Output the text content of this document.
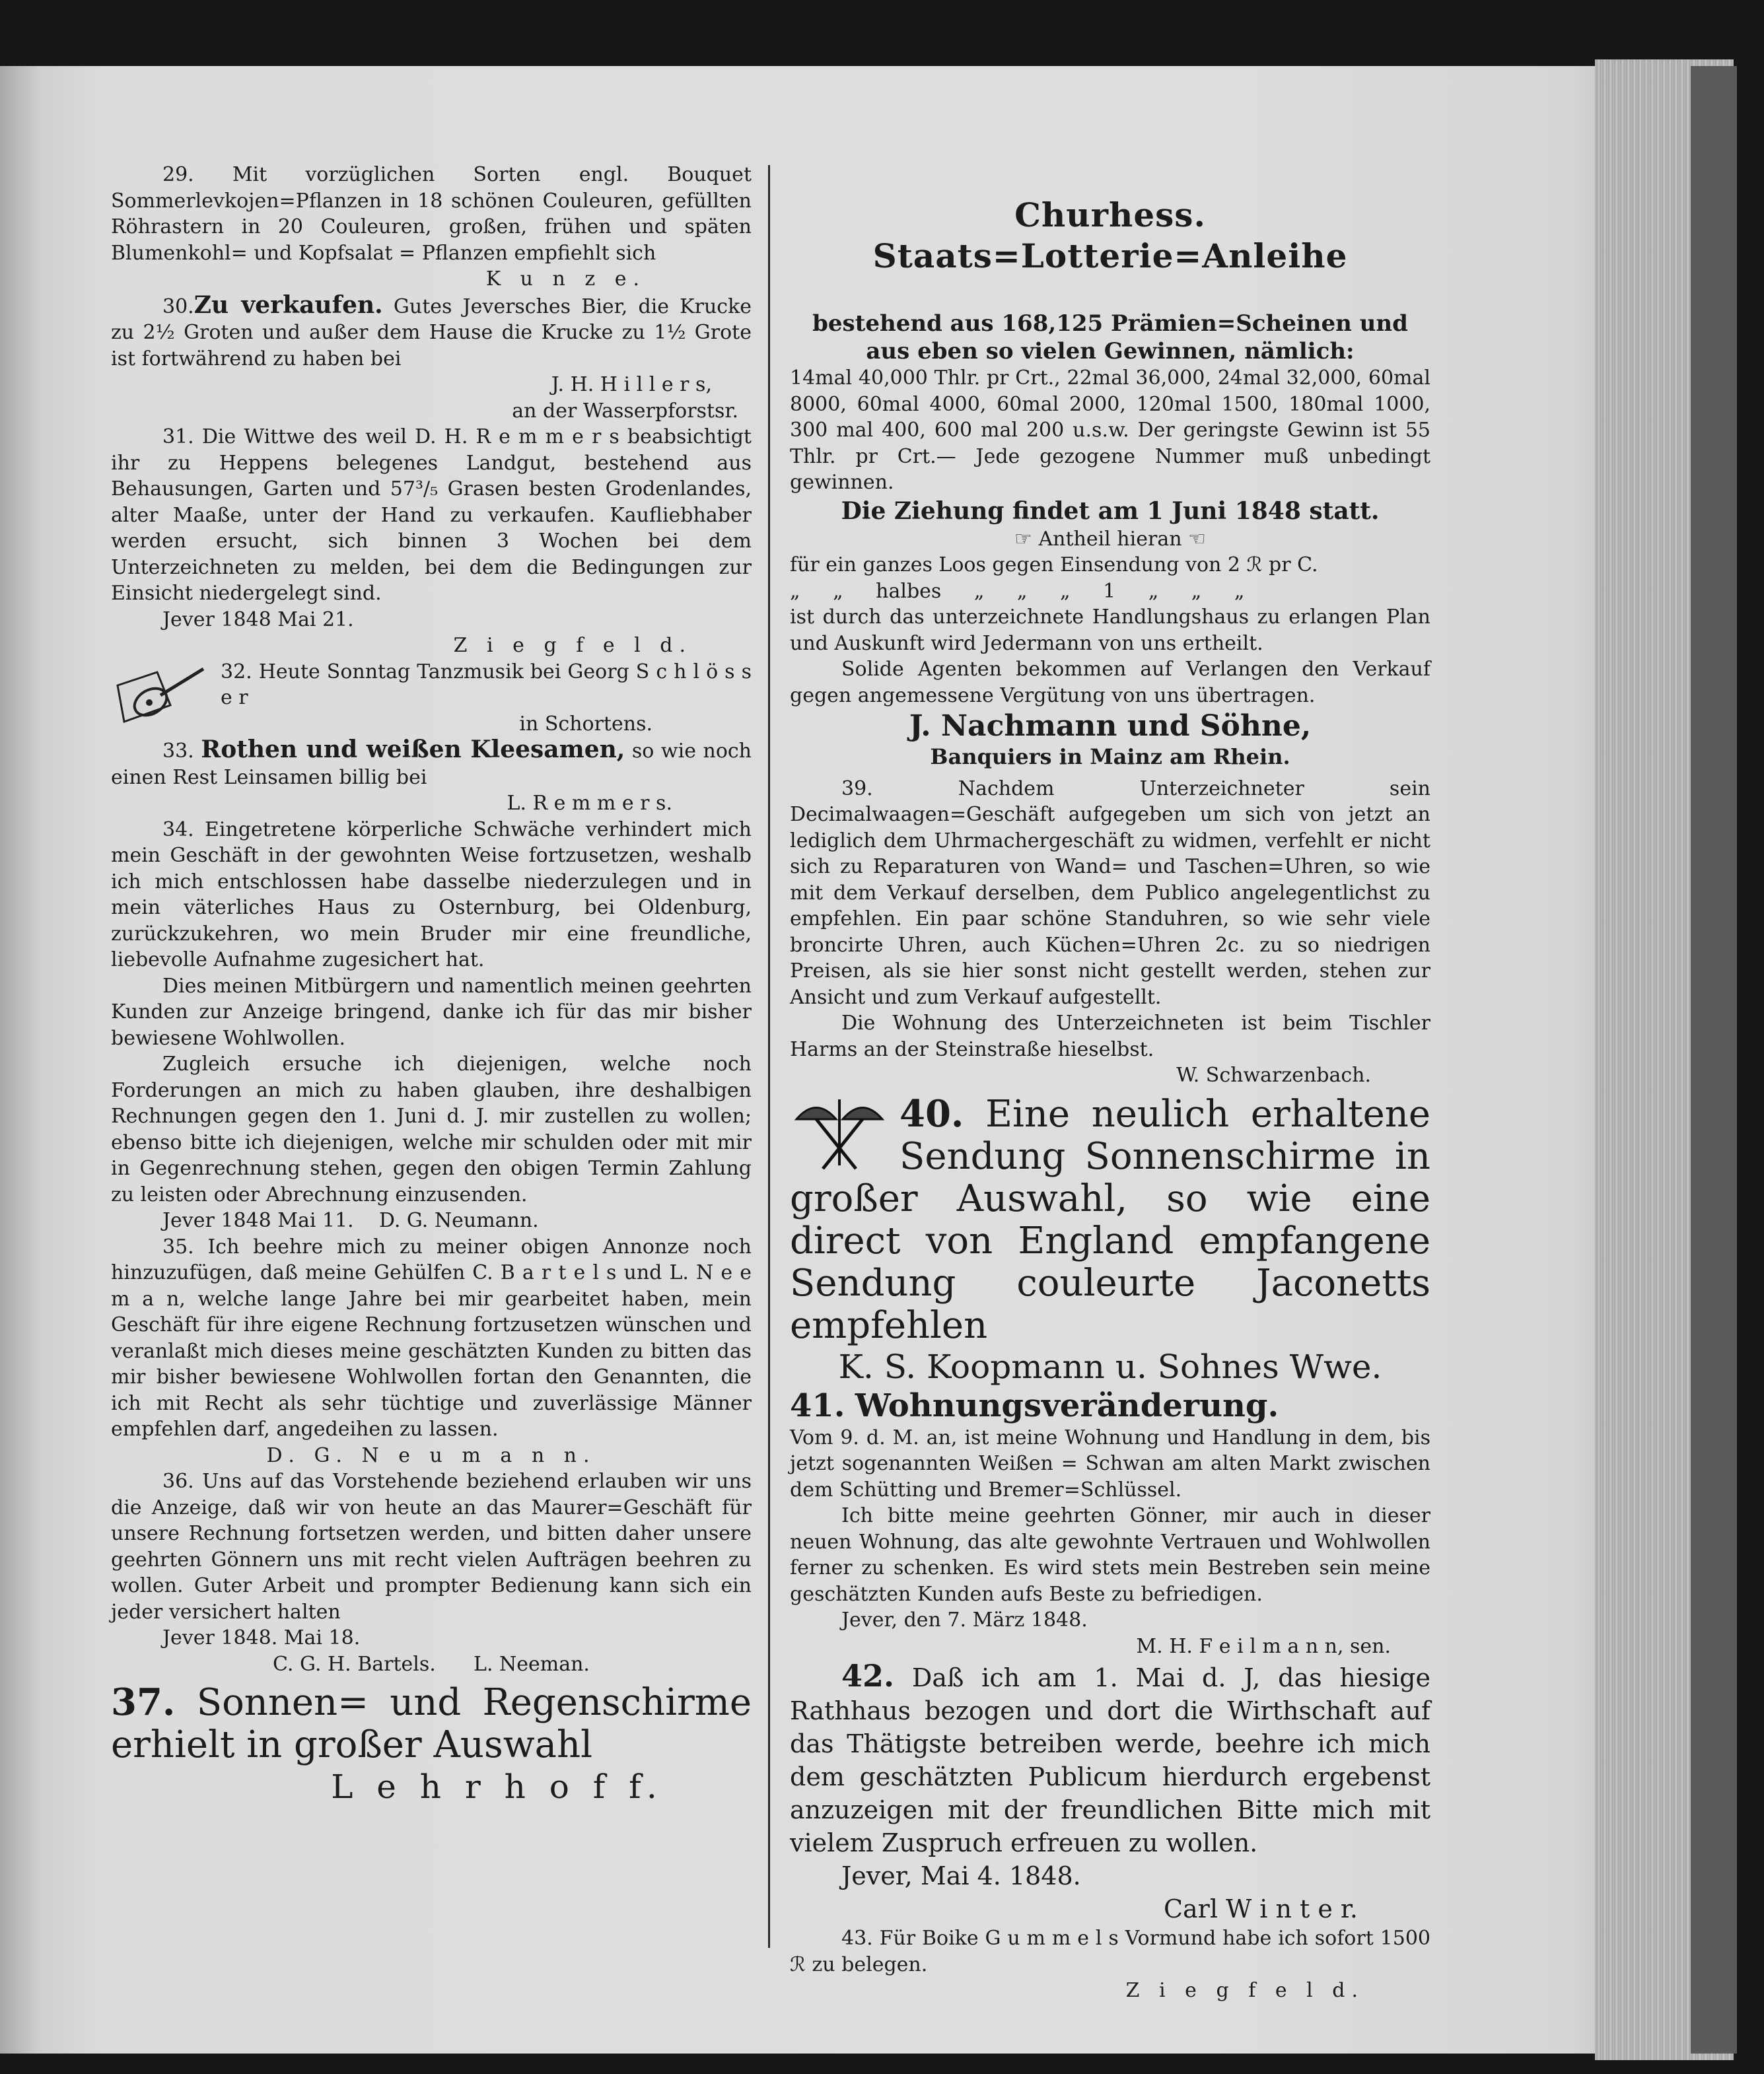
29. Mit vorzüglichen Sorten engl. Bouquet Sommerlevkojen=Pflanzen in 18 schönen Couleuren, gefüllten Röhrastern in 20 Couleuren, großen, frühen und späten Blumenkohl= und Kopfsalat = Pflanzen empfiehlt sich

K u n z e.

30.Zu verkaufen. Gutes Jeversches Bier, die Krucke zu 2½ Groten und außer dem Hause die Krucke zu 1½ Grote ist fortwährend zu haben bei

J. H. H i l l e r s,

an der Wasserpforstsr.

31. Die Wittwe des weil D. H. R e m m e r s beabsichtigt ihr zu Heppens belegenes Landgut, bestehend aus Behausungen, Garten und 57³/₅ Grasen besten Grodenlandes, alter Maaße, unter der Hand zu verkaufen. Kaufliebhaber werden ersucht, sich binnen 3 Wochen bei dem Unterzeichneten zu melden, bei dem die Bedingungen zur Einsicht niedergelegt sind.

Jever 1848 Mai 21.

Z i e g f e l d.

32. Heute Sonntag Tanzmusik bei Georg S c h l ö s s e r

in Schortens.

33. Rothen und weißen Kleesamen, so wie noch einen Rest Leinsamen billig bei

L. R e m m e r s.

34. Eingetretene körperliche Schwäche verhindert mich mein Geschäft in der gewohnten Weise fortzusetzen, weshalb ich mich entschlossen habe dasselbe niederzulegen und in mein väterliches Haus zu Osternburg, bei Oldenburg, zurückzukehren, wo mein Bruder mir eine freundliche, liebevolle Aufnahme zugesichert hat.

Dies meinen Mitbürgern und namentlich meinen geehrten Kunden zur Anzeige bringend, danke ich für das mir bisher bewiesene Wohlwollen.

Zugleich ersuche ich diejenigen, welche noch Forderungen an mich zu haben glauben, ihre deshalbigen Rechnungen gegen den 1. Juni d. J. mir zustellen zu wollen; ebenso bitte ich diejenigen, welche mir schulden oder mit mir in Gegenrechnung stehen, gegen den obigen Termin Zahlung zu leisten oder Abrechnung einzusenden.

Jever 1848 Mai 11. D. G. Neumann.

35. Ich beehre mich zu meiner obigen Annonze noch hinzuzufügen, daß meine Gehülfen C. B a r t e l s und L. N e e m a n, welche lange Jahre bei mir gearbeitet haben, mein Geschäft für ihre eigene Rechnung fortzusetzen wünschen und veranlaßt mich dieses meine geschätzten Kunden zu bitten das mir bisher bewiesene Wohlwollen fortan den Genannten, die ich mit Recht als sehr tüchtige und zuverlässige Männer empfehlen darf, angedeihen zu lassen.

D. G. N e u m a n n.

36. Uns auf das Vorstehende beziehend erlauben wir uns die Anzeige, daß wir von heute an das Maurer=Geschäft für unsere Rechnung fortsetzen werden, und bitten daher unsere geehrten Gönnern uns mit recht vielen Aufträgen beehren zu wollen. Guter Arbeit und prompter Bedienung kann sich ein jeder versichert halten

Jever 1848. Mai 18.

C. G. H. Bartels.      L. Neeman.

37. Sonnen= und Regenschirme erhielt in großer Auswahl

L e h r h o f f.

Churhess. Staats=Lotterie=Anleihe

bestehend aus 168,125 Prämien=Scheinen und

aus eben so vielen Gewinnen, nämlich:

14mal 40,000 Thlr. pr Crt., 22mal 36,000, 24mal 32,000, 60mal 8000, 60mal 4000, 60mal 2000, 120mal 1500, 180mal 1000, 300 mal 400, 600 mal 200 u.s.w. Der geringste Gewinn ist 55 Thlr. pr Crt.— Jede gezogene Nummer muß unbedingt gewinnen.

Die Ziehung findet am 1 Juni 1848 statt.

☞ Antheil hieran ☜

für ein ganzes Loos gegen Einsendung von 2 ℛ pr C.

„ „ halbes „ „ „ 1 „ „ „

ist durch das unterzeichnete Handlungshaus zu erlangen Plan und Auskunft wird Jedermann von uns ertheilt.

Solide Agenten bekommen auf Verlangen den Verkauf gegen angemessene Vergütung von uns übertragen.

J. Nachmann und Söhne,

Banquiers in Mainz am Rhein.

39. Nachdem Unterzeichneter sein Decimalwaagen=Geschäft aufgegeben um sich von jetzt an lediglich dem Uhrmachergeschäft zu widmen, verfehlt er nicht sich zu Reparaturen von Wand= und Taschen=Uhren, so wie mit dem Verkauf derselben, dem Publico angelegentlichst zu empfehlen. Ein paar schöne Standuhren, so wie sehr viele broncirte Uhren, auch Küchen=Uhren 2c. zu so niedrigen Preisen, als sie hier sonst nicht gestellt werden, stehen zur Ansicht und zum Verkauf aufgestellt.

Die Wohnung des Unterzeichneten ist beim Tischler Harms an der Steinstraße hieselbst.

W. Schwarzenbach.

40. Eine neulich erhaltene Sendung Sonnenschirme in großer Auswahl, so wie eine direct von England empfangene Sendung couleurte Jaconetts empfehlen

K. S. Koopmann u. Sohnes Wwe.

41. Wohnungsveränderung.

Vom 9. d. M. an, ist meine Wohnung und Handlung in dem, bis jetzt sogenannten Weißen = Schwan am alten Markt zwischen dem Schütting und Bremer=Schlüssel.

Ich bitte meine geehrten Gönner, mir auch in dieser neuen Wohnung, das alte gewohnte Vertrauen und Wohlwollen ferner zu schenken. Es wird stets mein Bestreben sein meine geschätzten Kunden aufs Beste zu befriedigen.

Jever, den 7. März 1848.

M. H. F e i l m a n n, sen.

42. Daß ich am 1. Mai d. J, das hiesige Rathhaus bezogen und dort die Wirthschaft auf das Thätigste betreiben werde, beehre ich mich dem geschätzten Publicum hierdurch ergebenst anzuzeigen mit der freundlichen Bitte mich mit vielem Zuspruch erfreuen zu wollen.

Jever, Mai 4. 1848.

Carl W i n t e r.

43. Für Boike G u m m e l s Vormund habe ich sofort 1500 ℛ zu belegen.

Z i e g f e l d.
